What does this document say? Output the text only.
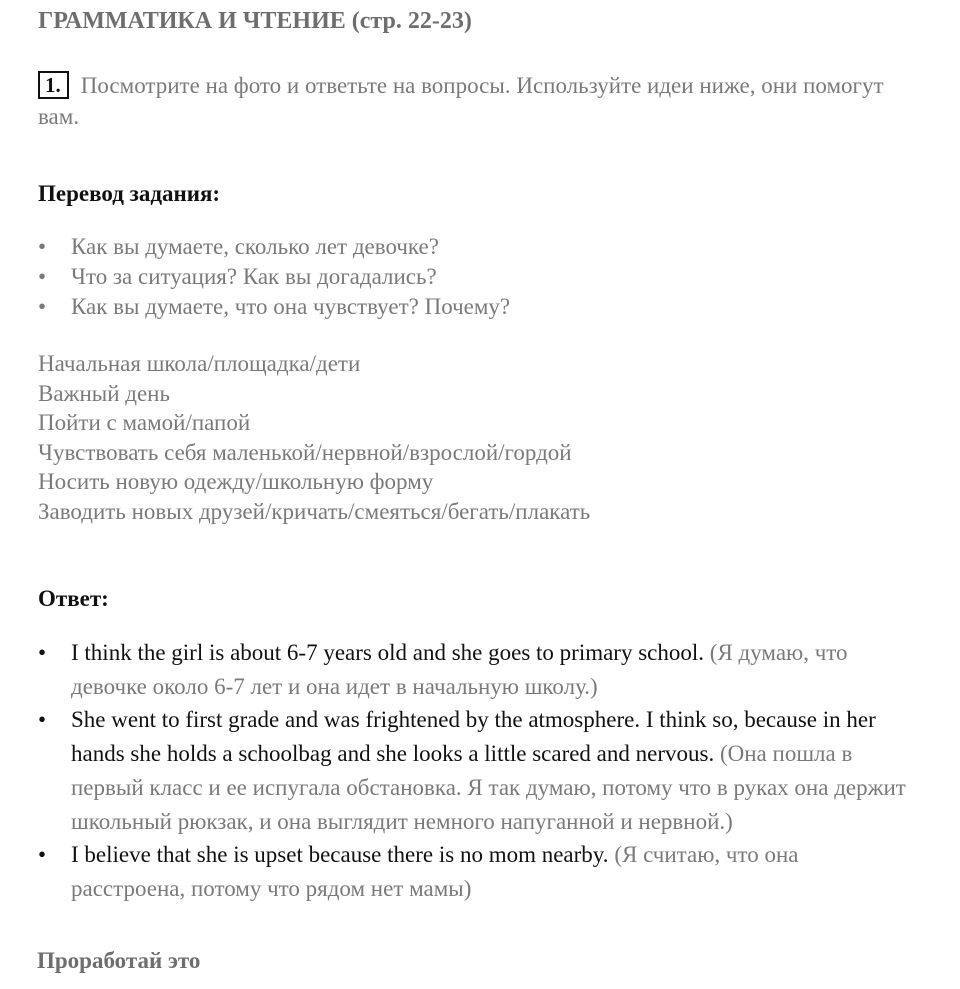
ГРАММАТИКА И ЧТЕНИЕ (стр. 22-23)
1. Посмотрите на фото и ответьте на вопросы. Используйте идеи ниже, они помогут вам.
Перевод задания:
• Как вы думаете, сколько лет девочке?
• Что за ситуация? Как вы догадались?
• Как вы думаете, что она чувствует? Почему?
Начальная школа/площадка/дети
Важный день
Пойти с мамой/папой
Чувствовать себя маленькой/нервной/взрослой/гордой
Носить новую одежду/школьную форму
Заводить новых друзей/кричать/смеяться/бегать/плакать
Ответ:
• I think the girl is about 6-7 years old and she goes to primary school. (Я думаю, что девочке около 6-7 лет и она идет в начальную школу.)
• She went to first grade and was frightened by the atmosphere. I think so, because in her hands she holds a schoolbag and she looks a little scared and nervous. (Она пошла в первый класс и ее испугала обстановка. Я так думаю, потому что в руках она держит школьный рюкзак, и она выглядит немного напуганной и нервной.)
• I believe that she is upset because there is no mom nearby. (Я считаю, что она расстроена, потому что рядом нет мамы)
Проработай это
